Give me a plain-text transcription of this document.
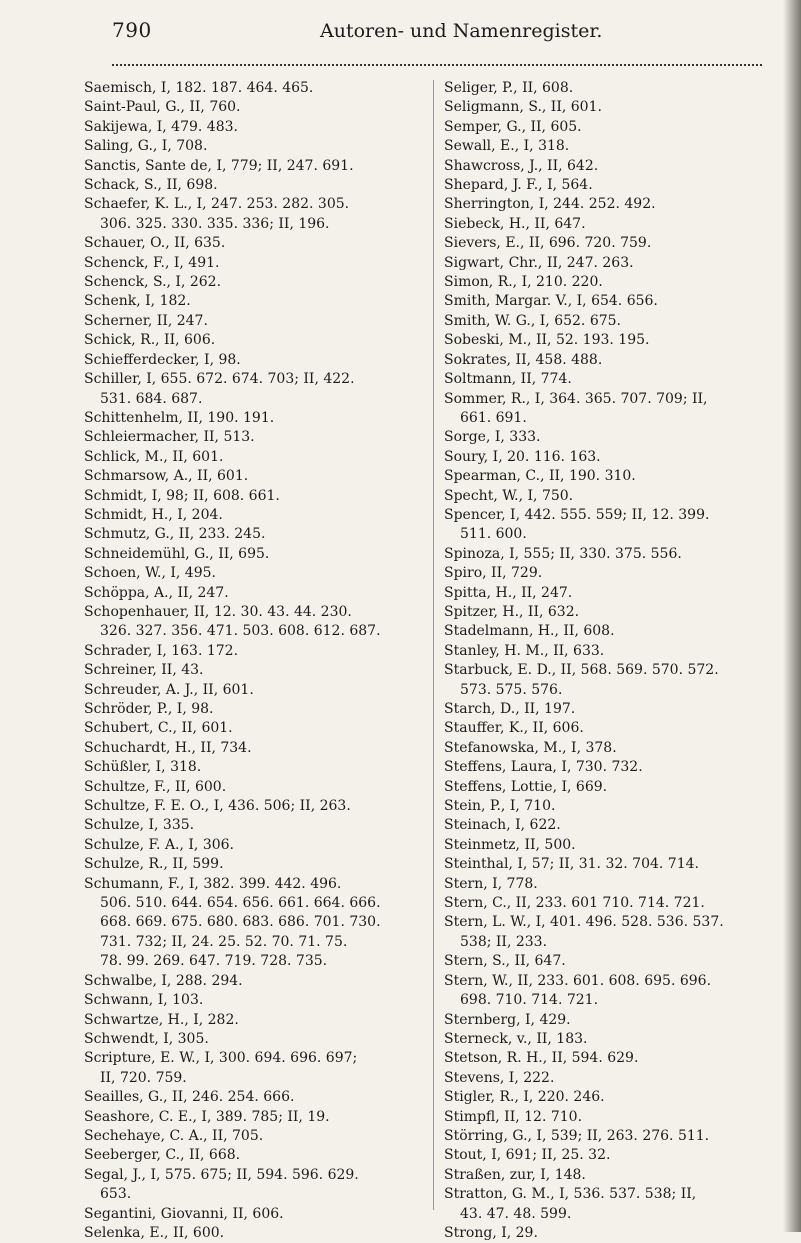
790	Autoren- und Namenregister.
Saemisch, I, 182. 187. 464. 465.
Saint-Paul, G., II, 760.
Sakijewa, I, 479. 483.
Saling, G., I, 708.
Sanctis, Sante de, I, 779; II, 247. 691.
Schack, S., II, 698.
Schaefer, K. L., I, 247. 253. 282. 305.
306. 325. 330. 335. 336; II, 196.
Schauer, O., II, 635.
Schenck, F., I, 491.
Schenck, S., I, 262.
Schenk, I, 182.
Scherner, II, 247.
Schick, R., II, 606.
Schiefferdecker, I, 98.
Schiller, I, 655. 672. 674. 703; II, 422.
531. 684. 687.
Schittenhelm, II, 190. 191.
Schleiermacher, II, 513.
Schlick, M., II, 601.
Schmarsow, A., II, 601.
Schmidt, I, 98; II, 608. 661.
Schmidt, H., I, 204.
Schmutz, G., II, 233. 245.
Schneidemühl, G., II, 695.
Schoen, W., I, 495.
Schöppa, A., II, 247.
Schopenhauer, II, 12. 30. 43. 44. 230.
326. 327. 356. 471. 503. 608. 612. 687.
Schrader, I, 163. 172.
Schreiner, II, 43.
Schreuder, A. J., II, 601.
Schröder, P., I, 98.
Schubert, C., II, 601.
Schuchardt, H., II, 734.
Schüßler, I, 318.
Schultze, F., II, 600.
Schultze, F. E. O., I, 436. 506; II, 263.
Schulze, I, 335.
Schulze, F. A., I, 306.
Schulze, R., II, 599.
Schumann, F., I, 382. 399. 442. 496.
506. 510. 644. 654. 656. 661. 664. 666.
668. 669. 675. 680. 683. 686. 701. 730.
731. 732; II, 24. 25. 52. 70. 71. 75.
78. 99. 269. 647. 719. 728. 735.
Schwalbe, I, 288. 294.
Schwann, I, 103.
Schwartze, H., I, 282.
Schwendt, I, 305.
Scripture, E. W., I, 300. 694. 696. 697;
II, 720. 759.
Seailles, G., II, 246. 254. 666.
Seashore, C. E., I, 389. 785; II, 19.
Sechehaye, C. A., II, 705.
Seeberger, C., II, 668.
Segal, J., I, 575. 675; II, 594. 596. 629.
653.
Segantini, Giovanni, II, 606.
Selenka, E., II, 600.
Seliger, P., II, 608.
Seligmann, S., II, 601.
Semper, G., II, 605.
Sewall, E., I, 318.
Shawcross, J., II, 642.
Shepard, J. F., I, 564.
Sherrington, I, 244. 252. 492.
Siebeck, H., II, 647.
Sievers, E., II, 696. 720. 759.
Sigwart, Chr., II, 247. 263.
Simon, R., I, 210. 220.
Smith, Margar. V., I, 654. 656.
Smith, W. G., I, 652. 675.
Sobeski, M., II, 52. 193. 195.
Sokrates, II, 458. 488.
Soltmann, II, 774.
Sommer, R., I, 364. 365. 707. 709; II,
661. 691.
Sorge, I, 333.
Soury, I, 20. 116. 163.
Spearman, C., II, 190. 310.
Specht, W., I, 750.
Spencer, I, 442. 555. 559; II, 12. 399.
511. 600.
Spinoza, I, 555; II, 330. 375. 556.
Spiro, II, 729.
Spitta, H., II, 247.
Spitzer, H., II, 632.
Stadelmann, H., II, 608.
Stanley, H. M., II, 633.
Starbuck, E. D., II, 568. 569. 570. 572.
573. 575. 576.
Starch, D., II, 197.
Stauffer, K., II, 606.
Stefanowska, M., I, 378.
Steffens, Laura, I, 730. 732.
Steffens, Lottie, I, 669.
Stein, P., I, 710.
Steinach, I, 622.
Steinmetz, II, 500.
Steinthal, I, 57; II, 31. 32. 704. 714.
Stern, I, 778.
Stern, C., II, 233. 601 710. 714. 721.
Stern, L. W., I, 401. 496. 528. 536. 537.
538; II, 233.
Stern, S., II, 647.
Stern, W., II, 233. 601. 608. 695. 696.
698. 710. 714. 721.
Sternberg, I, 429.
Sterneck, v., II, 183.
Stetson, R. H., II, 594. 629.
Stevens, I, 222.
Stigler, R., I, 220. 246.
Stimpfl, II, 12. 710.
Störring, G., I, 539; II, 263. 276. 511.
Stout, I, 691; II, 25. 32.
Straßen, zur, I, 148.
Stratton, G. M., I, 536. 537. 538; II,
43. 47. 48. 599.
Strong, I, 29.
